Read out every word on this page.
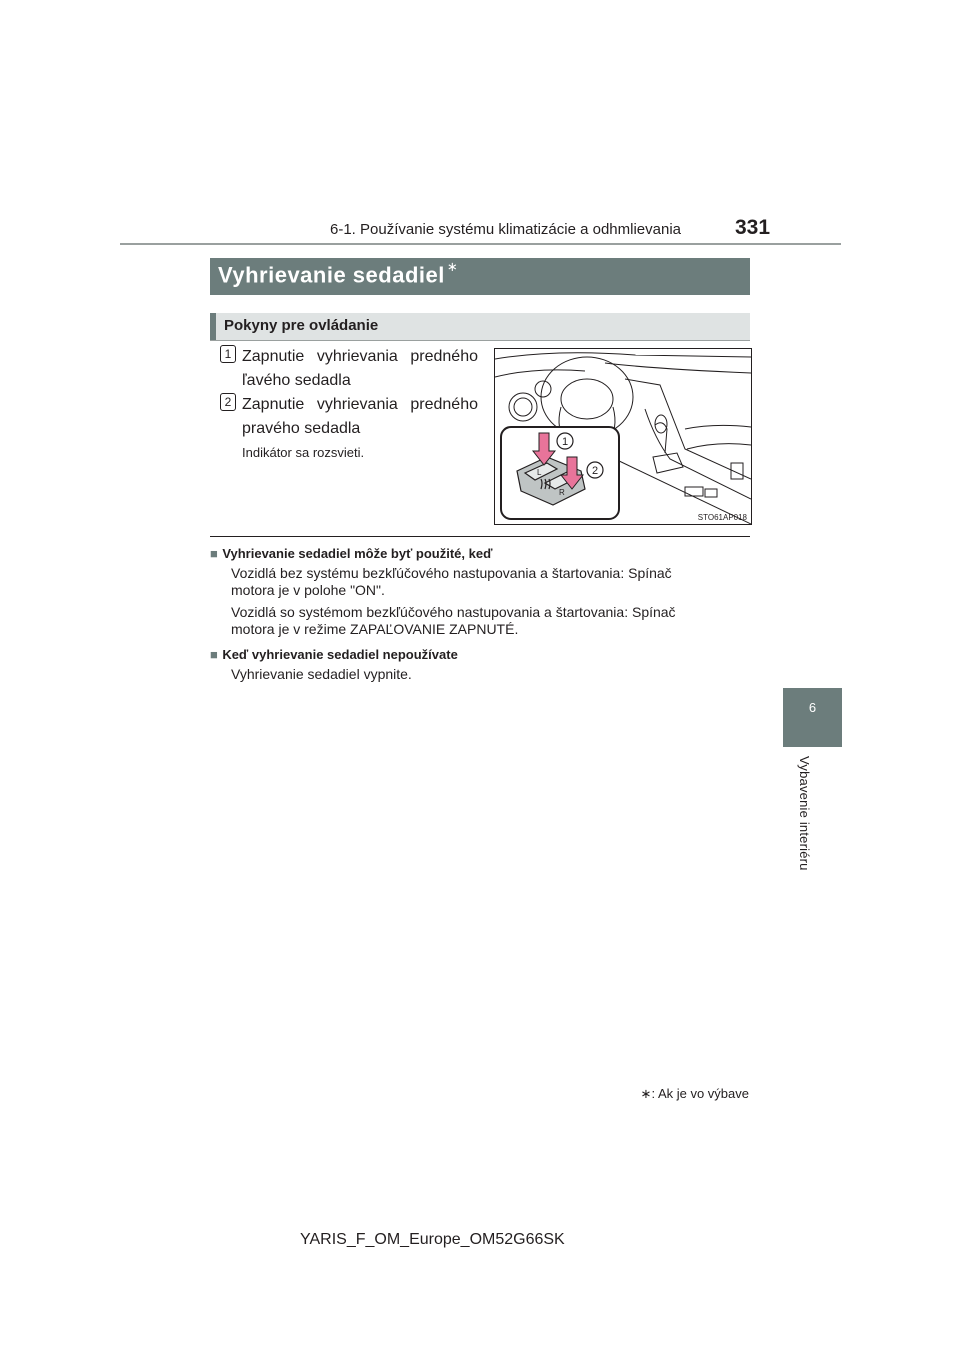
6-1. Používanie systému klimatizácie a odhmlievania	331
6
Vybavenie interiéru
Vyhrievanie sedadiel ∗
Pokyny pre ovládanie
1 Zapnutie vyhrievania predného ľavého sedadla
2 Zapnutie vyhrievania predného pravého sedadla
Indikátor sa rozsvieti.
L
R
1
2
STO61AP018
■ Vyhrievanie sedadiel môže byť použité, keď
Vozidlá bez systému bezkľúčového nastupovania a štartovania: Spínač motora je v polohe "ON".
Vozidlá so systémom bezkľúčového nastupovania a štartovania: Spínač motora je v režime ZAPAĽOVANIE ZAPNUTÉ.
■ Keď vyhrievanie sedadiel nepoužívate
Vyhrievanie sedadiel vypnite.
∗: Ak je vo výbave
YARIS_F_OM_Europe_OM52G66SK
